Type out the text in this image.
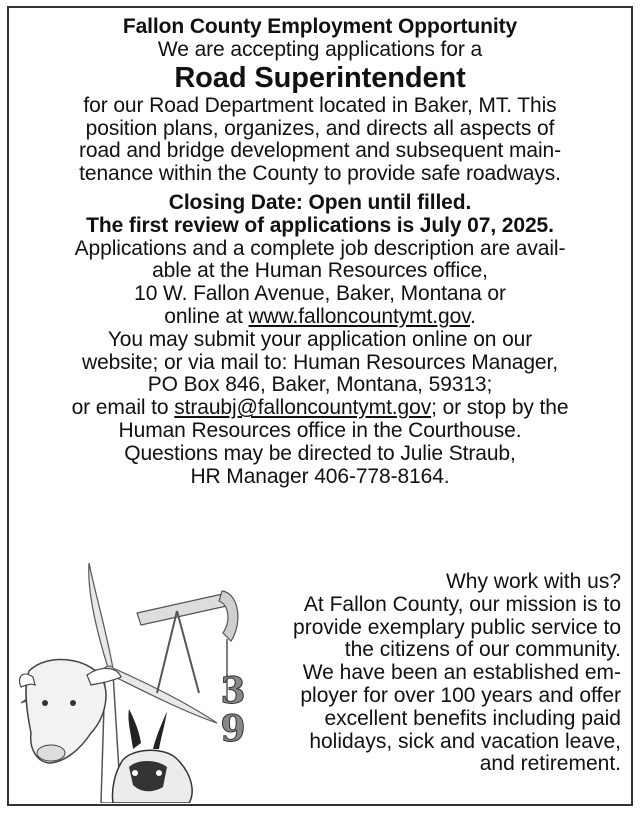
Fallon County Employment Opportunity
We are accepting applications for a
Road Superintendent
for our Road Department located in Baker, MT. This
position plans, organizes, and directs all aspects of
road and bridge development and subsequent main-
tenance within the County to provide safe roadways.
Closing Date: Open until filled.
The first review of applications is July 07, 2025.
Applications and a complete job description are avail-
able at the Human Resources office,
10 W. Fallon Avenue, Baker, Montana or
online at www.falloncountymt.gov.
You may submit your application online on our
website; or via mail to: Human Resources Manager,
PO Box 846, Baker, Montana, 59313;
or email to straubj@falloncountymt.gov; or stop by the
Human Resources office in the Courthouse.
Questions may be directed to Julie Straub,
HR Manager 406-778-8164.
3
9
Why work with us?
At Fallon County, our mission is to
provide exemplary public service to
the citizens of our community.
We have been an established em-
ployer for over 100 years and offer
excellent benefits including paid
holidays, sick and vacation leave,
and retirement.
